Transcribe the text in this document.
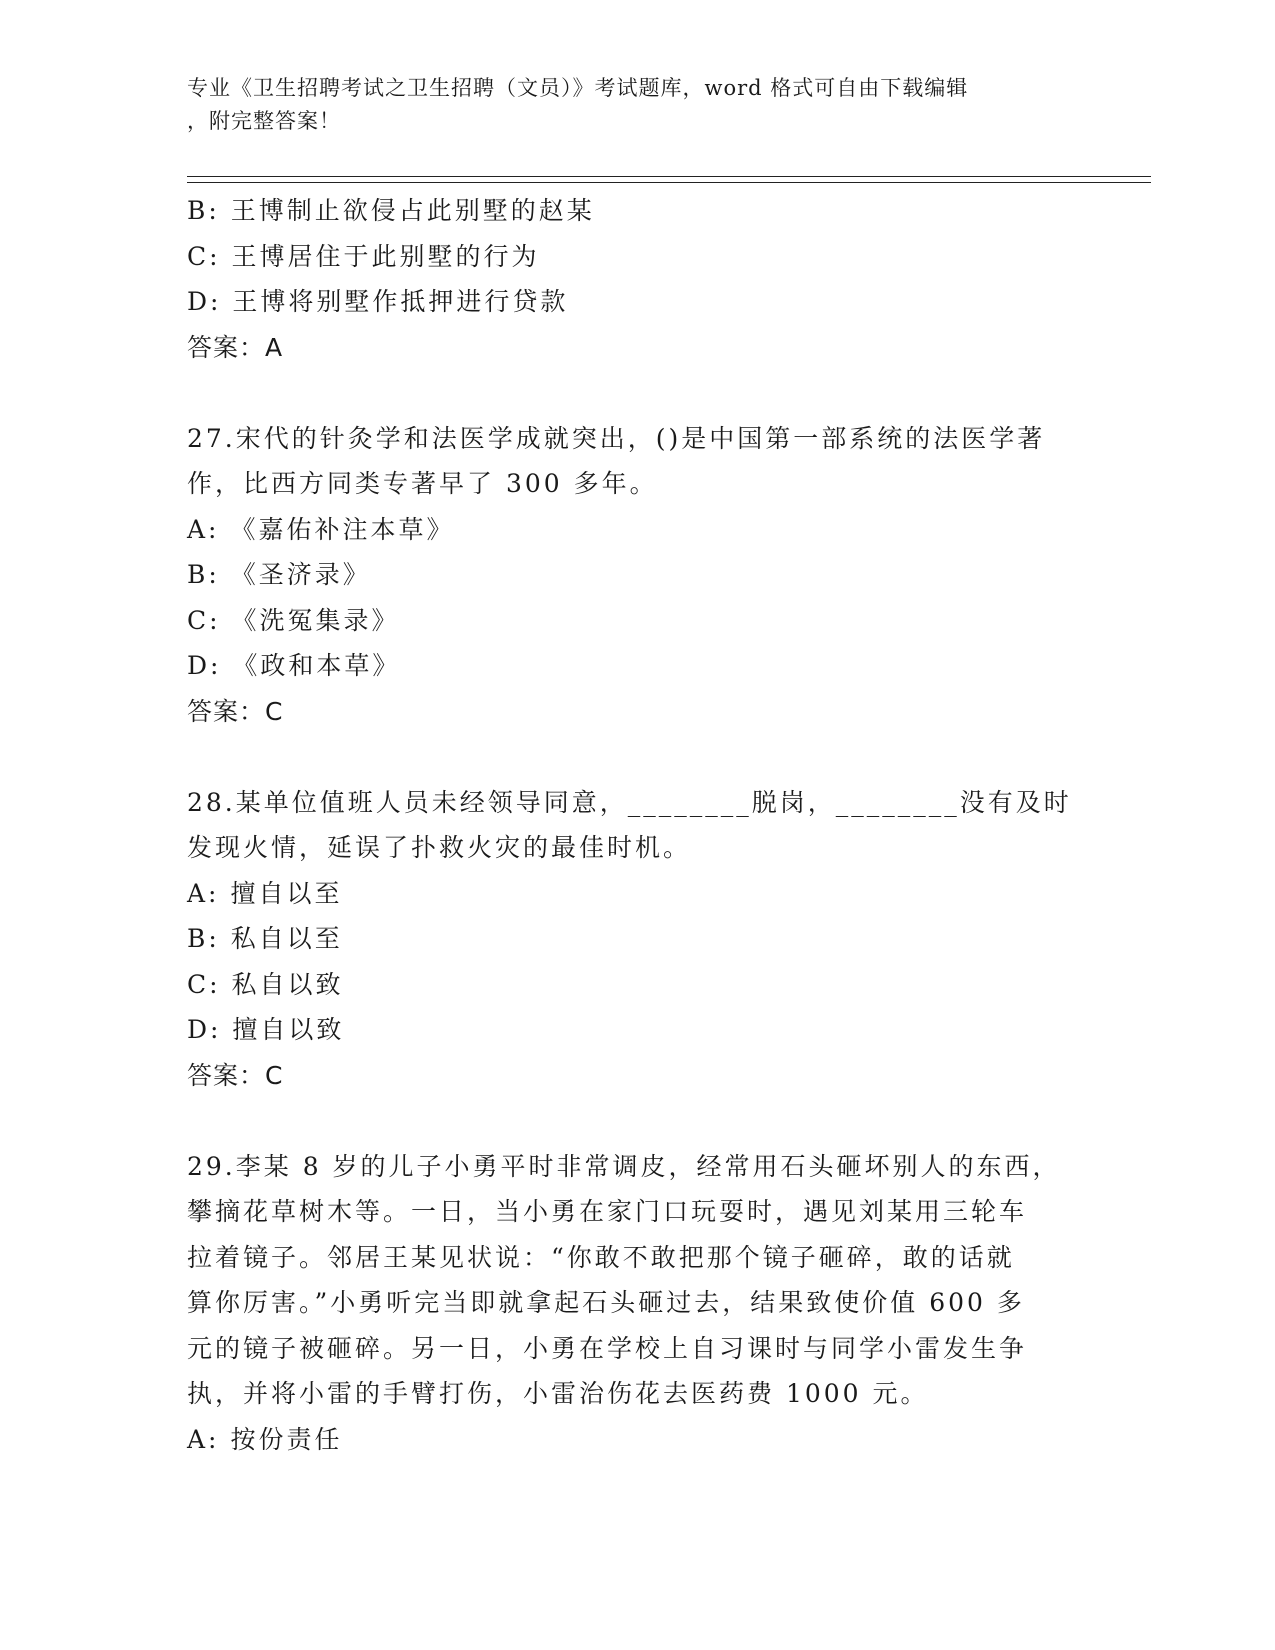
专业《卫生招聘考试之卫生招聘（文员）》考试题库，word 格式可自由下载编辑
，附完整答案！
B: 王博制止欲侵占此别墅的赵某
C: 王博居住于此别墅的行为
D: 王博将别墅作抵押进行贷款
答案：A
27.宋代的针灸学和法医学成就突出，()是中国第一部系统的法医学著
作，比西方同类专著早了 300 多年。
A: 《嘉佑补注本草》
B: 《圣济录》
C: 《洗冤集录》
D: 《政和本草》
答案：C
28.某单位值班人员未经领导同意，________脱岗，________没有及时
发现火情，延误了扑救火灾的最佳时机。
A: 擅自以至
B: 私自以至
C: 私自以致
D: 擅自以致
答案：C
29.李某 8 岁的儿子小勇平时非常调皮，经常用石头砸坏别人的东西，
攀摘花草树木等。一日，当小勇在家门口玩耍时，遇见刘某用三轮车
拉着镜子。邻居王某见状说：“你敢不敢把那个镜子砸碎，敢的话就
算你厉害。”小勇听完当即就拿起石头砸过去，结果致使价值 600 多
元的镜子被砸碎。另一日，小勇在学校上自习课时与同学小雷发生争
执，并将小雷的手臂打伤，小雷治伤花去医药费 1000 元。
A: 按份责任
